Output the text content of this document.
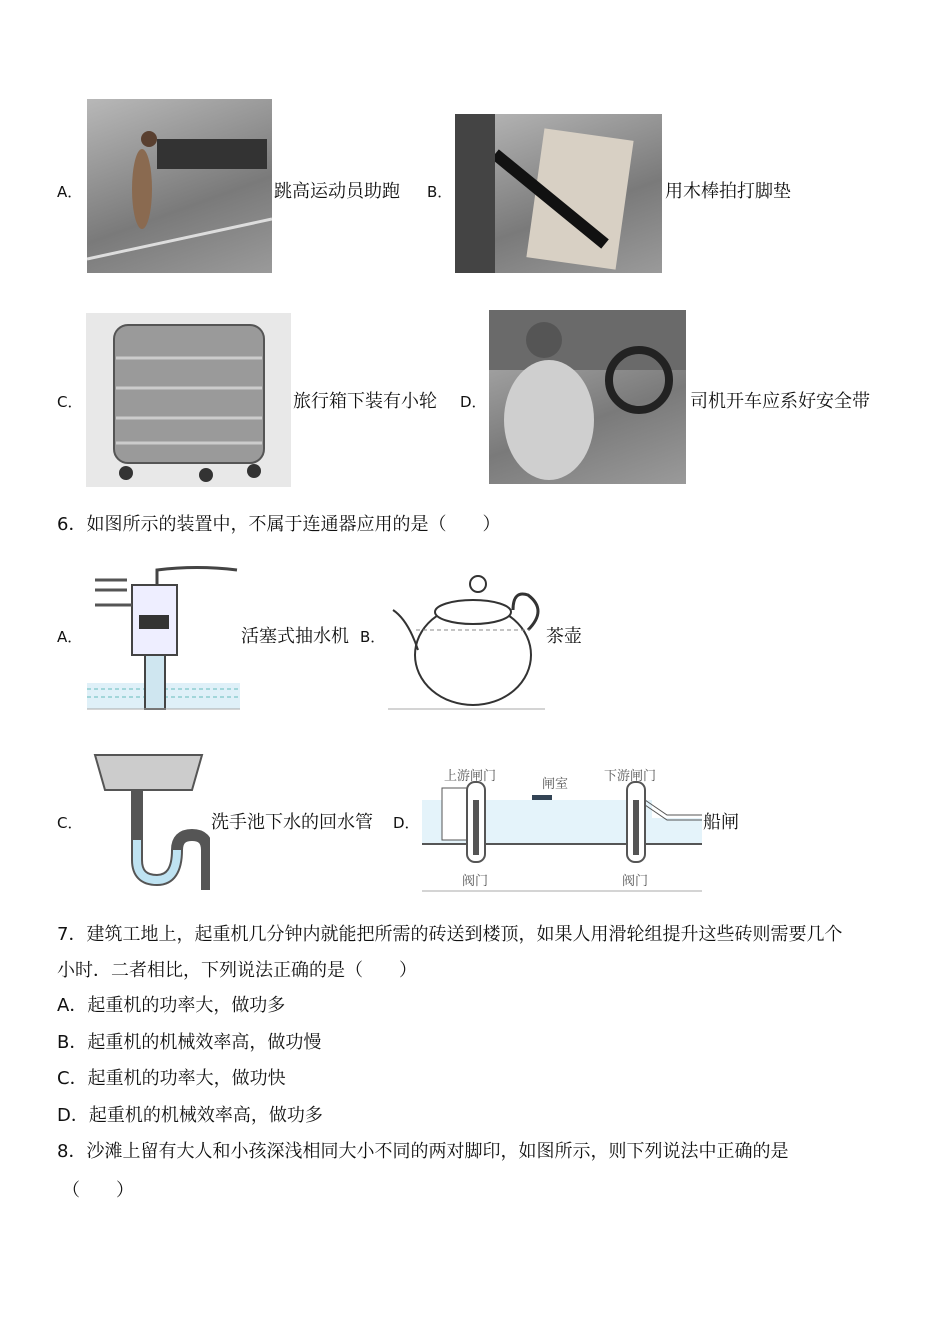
A．	跳高运动员助跑 B．	用木棒拍打脚垫
C．	旅行箱下装有小轮 D．	司机开车应系好安全带
6．如图所示的装置中，不属于连通器应用的是（　　）
A．	活塞式抽水机 B．	茶壶
C．	洗手池下水的回水管
上游闸门
闸室
下游闸门
阀门	阀门
D．	船闸
7．建筑工地上，起重机几分钟内就能把所需的砖送到楼顶，如果人用滑轮组提升这些砖则需要几个
小时．二者相比，下列说法正确的是（　　）
A．起重机的功率大，做功多
B．起重机的机械效率高，做功慢
C．起重机的功率大，做功快
D．起重机的机械效率高，做功多
8．沙滩上留有大人和小孩深浅相同大小不同的两对脚印，如图所示，则下列说法中正确的是
（　　）
